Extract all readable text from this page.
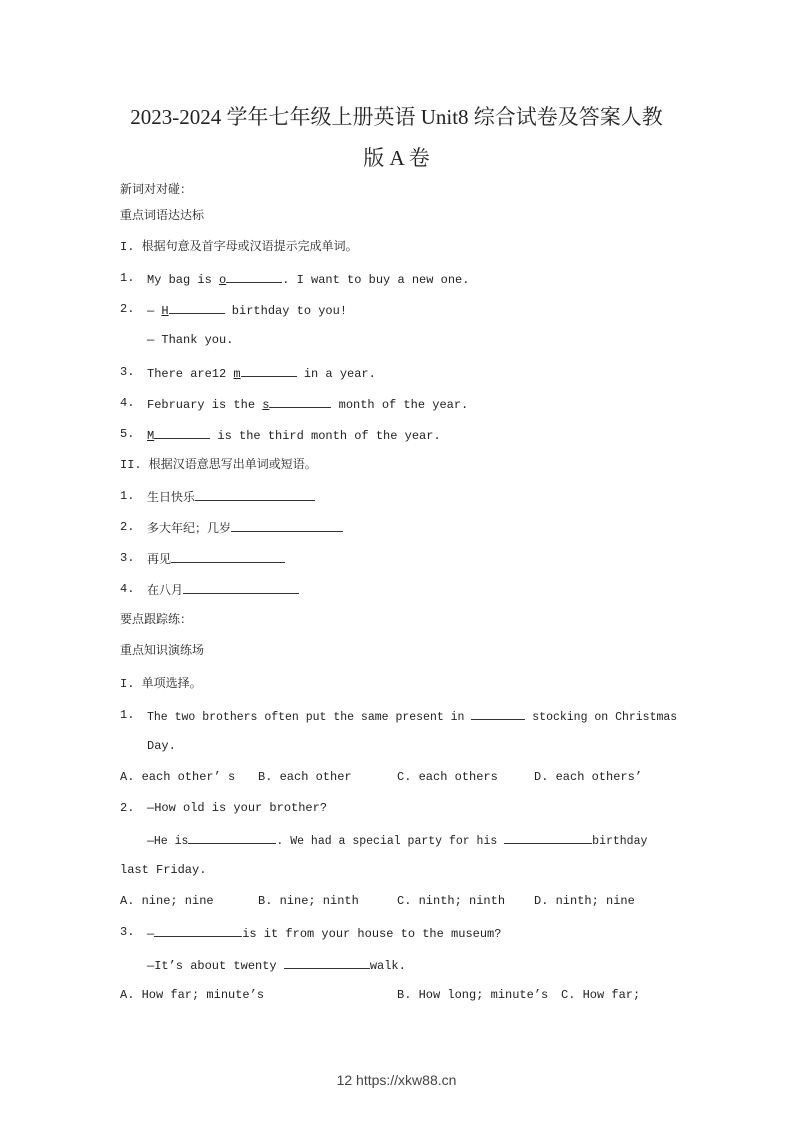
2023-2024 学年七年级上册英语 Unit8 综合试卷及答案人教
版 A 卷
新词对对碰：
重点词语达达标
I. 根据句意及首字母或汉语提示完成单词。
1. My bag is o	. I want to buy a new one.
2. — H	birthday to you!
— Thank you.
3. There are12 m	in a year.
4. February is the s	month of the year.
5. M	is the third month of the year.
II. 根据汉语意思写出单词或短语。
1. 生日快乐
2. 多大年纪；几岁
3. 再见
4. 在八月
要点跟踪练：
重点知识演练场
I. 单项选择。
1. The two brothers often put the same present in	stocking on Christmas
Day.
A. each other’ s B. each other	C. each others	D. each others’
2. —How old is your brother?
—He is	. We had a special party for his	birthday
last Friday.
A. nine; nine	B. nine; ninth	C. ninth; ninth D. ninth; nine
3. —	is it from your house to the museum?
—It’s about twenty	walk.
A. How far; minute’s	B. How long; minute’s C. How far;
12 https://xkw88.cn
